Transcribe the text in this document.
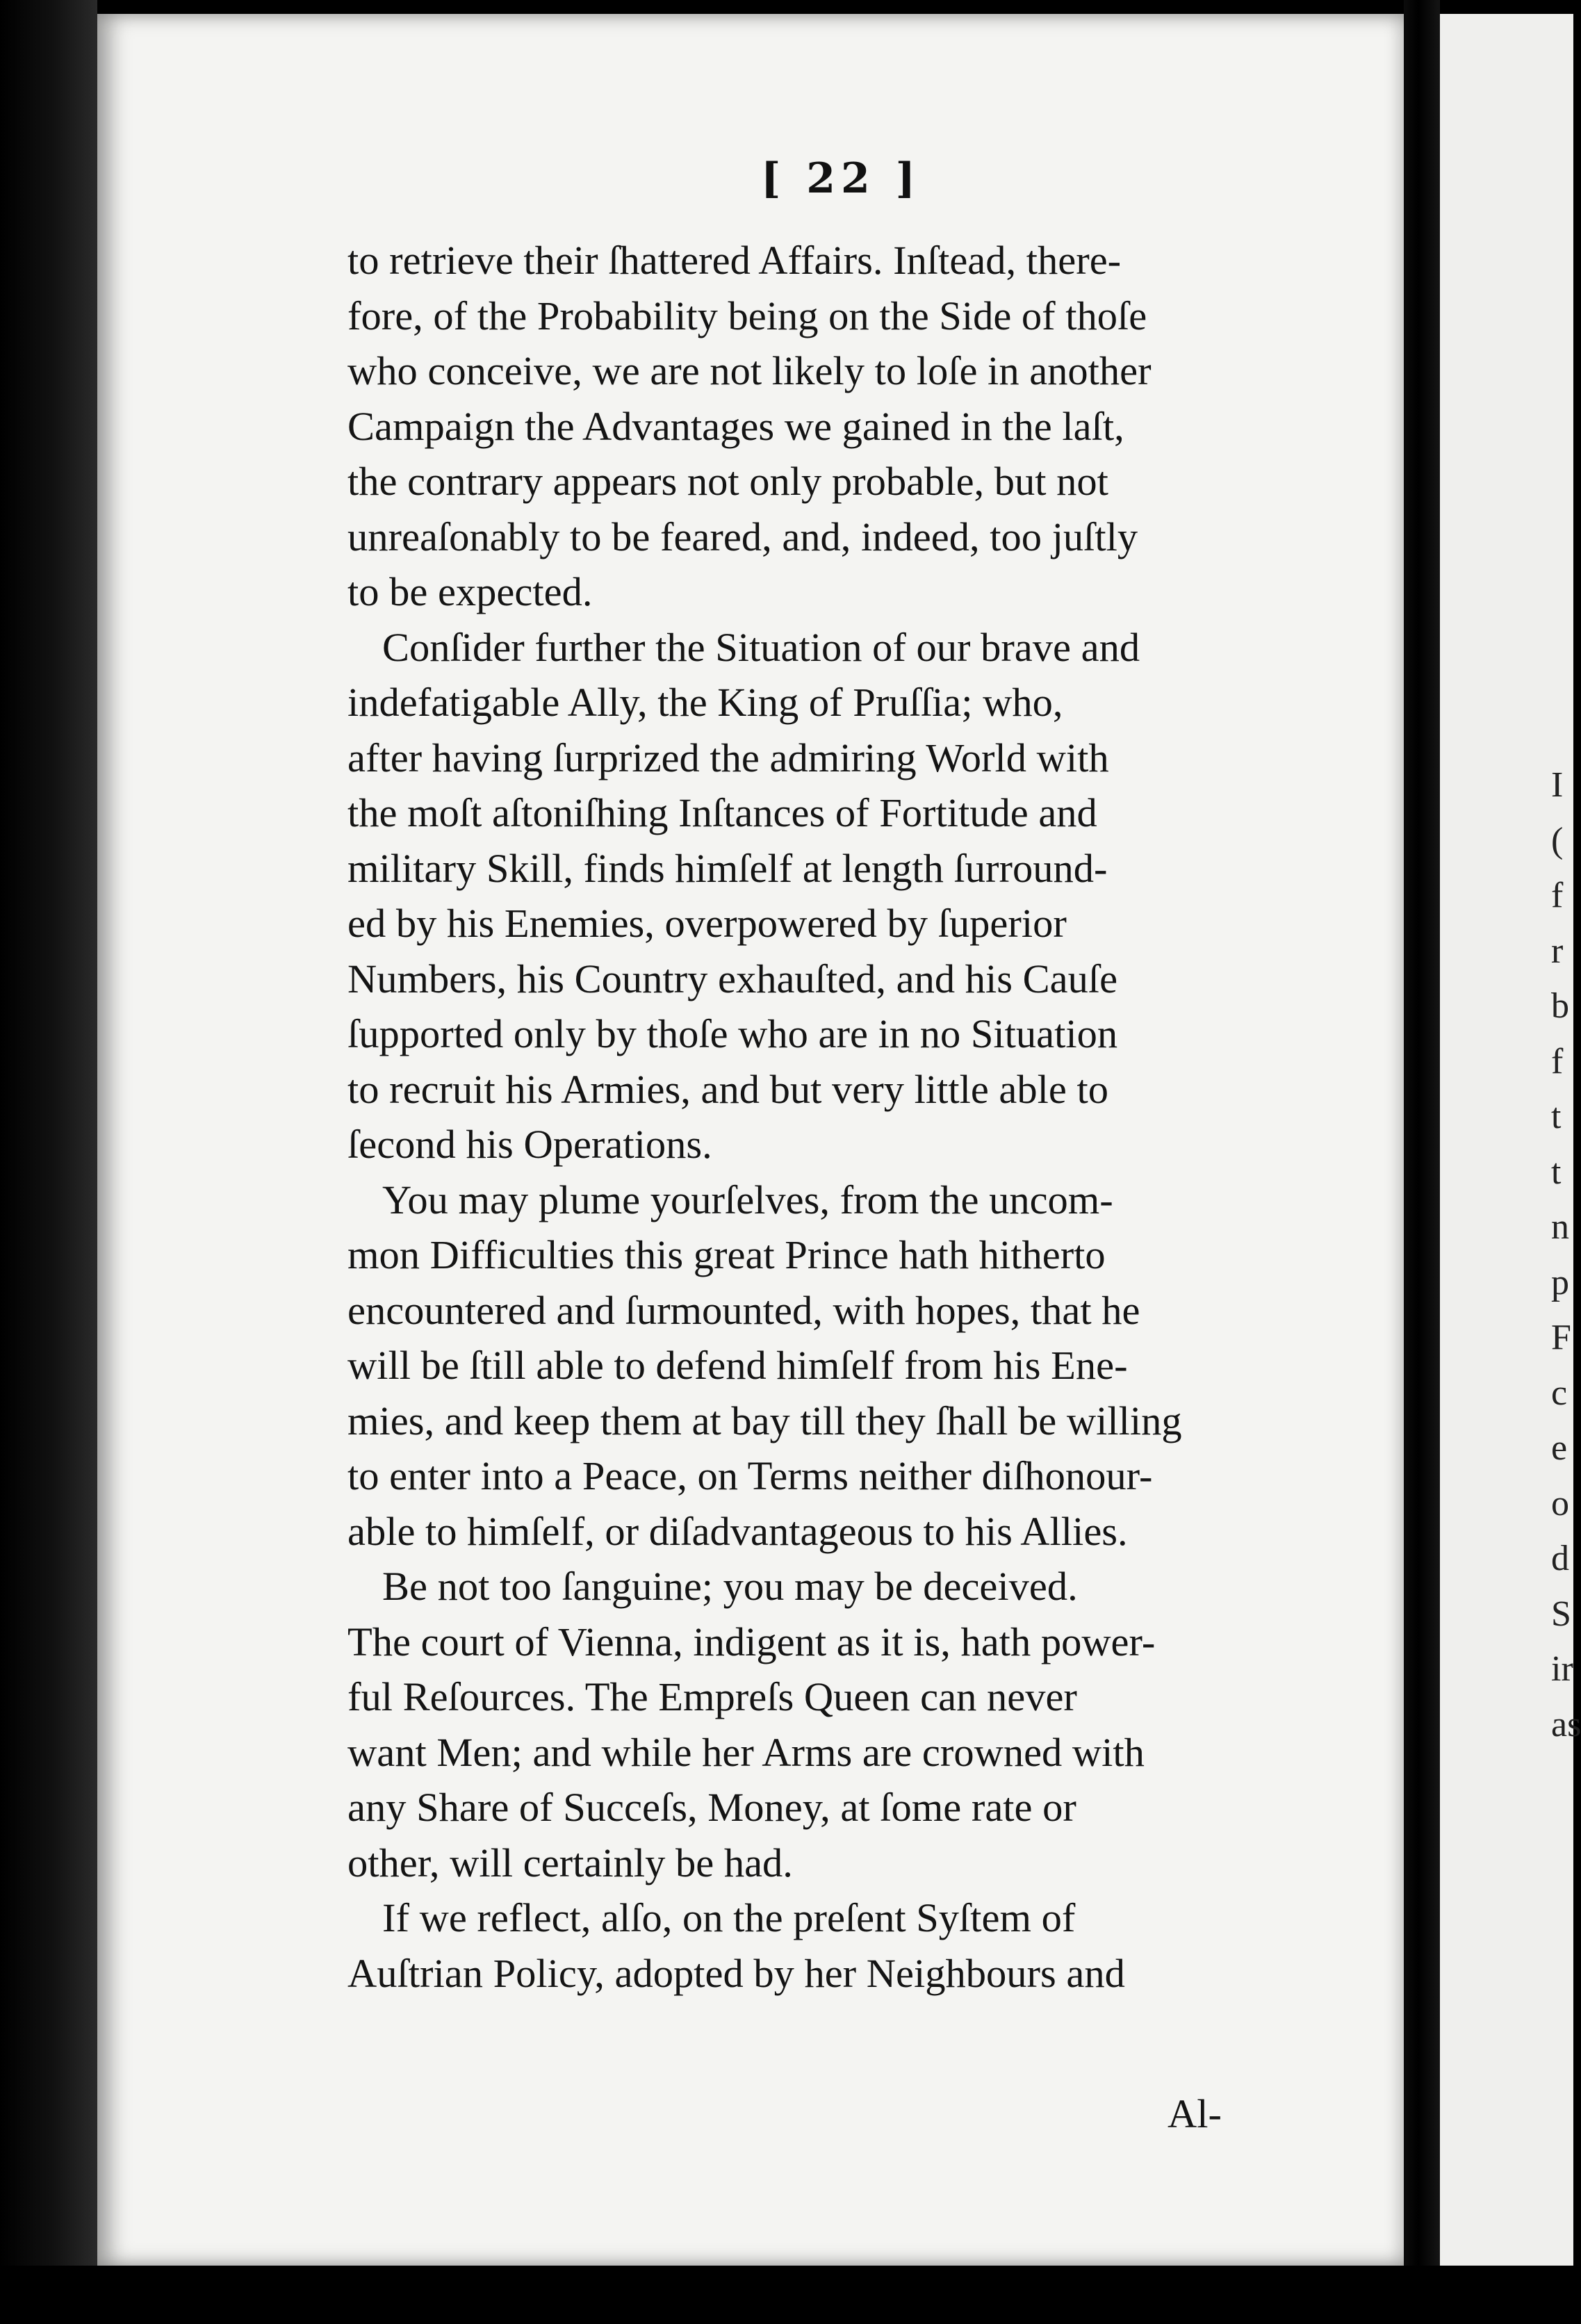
[ 22 ]
to retrieve their ſhattered Affairs. Inſtead, there-
fore, of the Probability being on the Side of thoſe
who conceive, we are not likely to loſe in another
Campaign the Advantages we gained in the laſt,
the contrary appears not only probable, but not
unreaſonably to be feared, and, indeed, too juſtly
to be expected.
Conſider further the Situation of our brave and
indefatigable Ally, the King of Pruſſia; who,
after having ſurprized the admiring World with
the moſt aſtoniſhing Inſtances of Fortitude and
military Skill, finds himſelf at length ſurround-
ed by his Enemies, overpowered by ſuperior
Numbers, his Country exhauſted, and his Cauſe
ſupported only by thoſe who are in no Situation
to recruit his Armies, and but very little able to
ſecond his Operations.
You may plume yourſelves, from the uncom-
mon Difficulties this great Prince hath hitherto
encountered and ſurmounted, with hopes, that he
will be ſtill able to defend himſelf from his Ene-
mies, and keep them at bay till they ſhall be willing
to enter into a Peace, on Terms neither diſhonour-
able to himſelf, or diſadvantageous to his Allies.
Be not too ſanguine; you may be deceived.
The court of Vienna, indigent as it is, hath power-
ful Reſources. The Empreſs Queen can never
want Men; and while her Arms are crowned with
any Share of Succeſs, Money, at ſome rate or
other, will certainly be had.
If we reflect, alſo, on the preſent Syſtem of
Auſtrian Policy, adopted by her Neighbours and
Al-
I
(
f
r
b
f
t
t
n
p
F
c
e
o
d
S
ir
as
